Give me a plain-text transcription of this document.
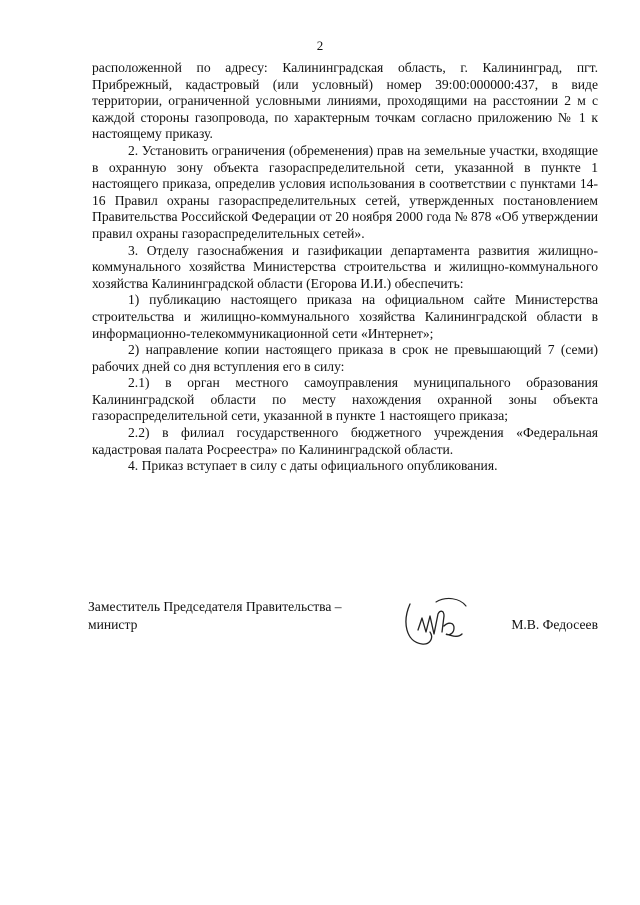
2

расположенной по адресу: Калининградская область, г. Калининград, пгт. Прибрежный, кадастровый (или условный) номер 39:00:000000:437, в виде территории, ограниченной условными линиями, проходящими на расстоянии 2 м с каждой стороны газопровода, по характерным точкам согласно приложению № 1 к настоящему приказу.

2. Установить ограничения (обременения) прав на земельные участки, входящие в охранную зону объекта газораспределительной сети, указанной в пункте 1 настоящего приказа, определив условия использования в соответствии с пунктами 14-16 Правил охраны газораспределительных сетей, утвержденных постановлением Правительства Российской Федерации от 20 ноября 2000 года № 878 «Об утверждении правил охраны газораспределительных сетей».

3. Отделу газоснабжения и газификации департамента развития жилищно-коммунального хозяйства Министерства строительства и жилищно-коммунального хозяйства Калининградской области (Егорова И.И.) обеспечить:

1) публикацию настоящего приказа на официальном сайте Министерства строительства и жилищно-коммунального хозяйства Калининградской области в информационно-телекоммуникационной сети «Интернет»;

2) направление копии настоящего приказа в срок не превышающий 7 (семи) рабочих дней со дня вступления его в силу:

2.1) в орган местного самоуправления муниципального образования Калининградской области по месту нахождения охранной зоны объекта газораспределительной сети, указанной в пункте 1 настоящего приказа;

2.2) в филиал государственного бюджетного учреждения «Федеральная кадастровая палата Росреестра» по Калининградской области.

4. Приказ вступает в силу с даты официального опубликования.

Заместитель Председателя Правительства –
министр	М.В. Федосеев
